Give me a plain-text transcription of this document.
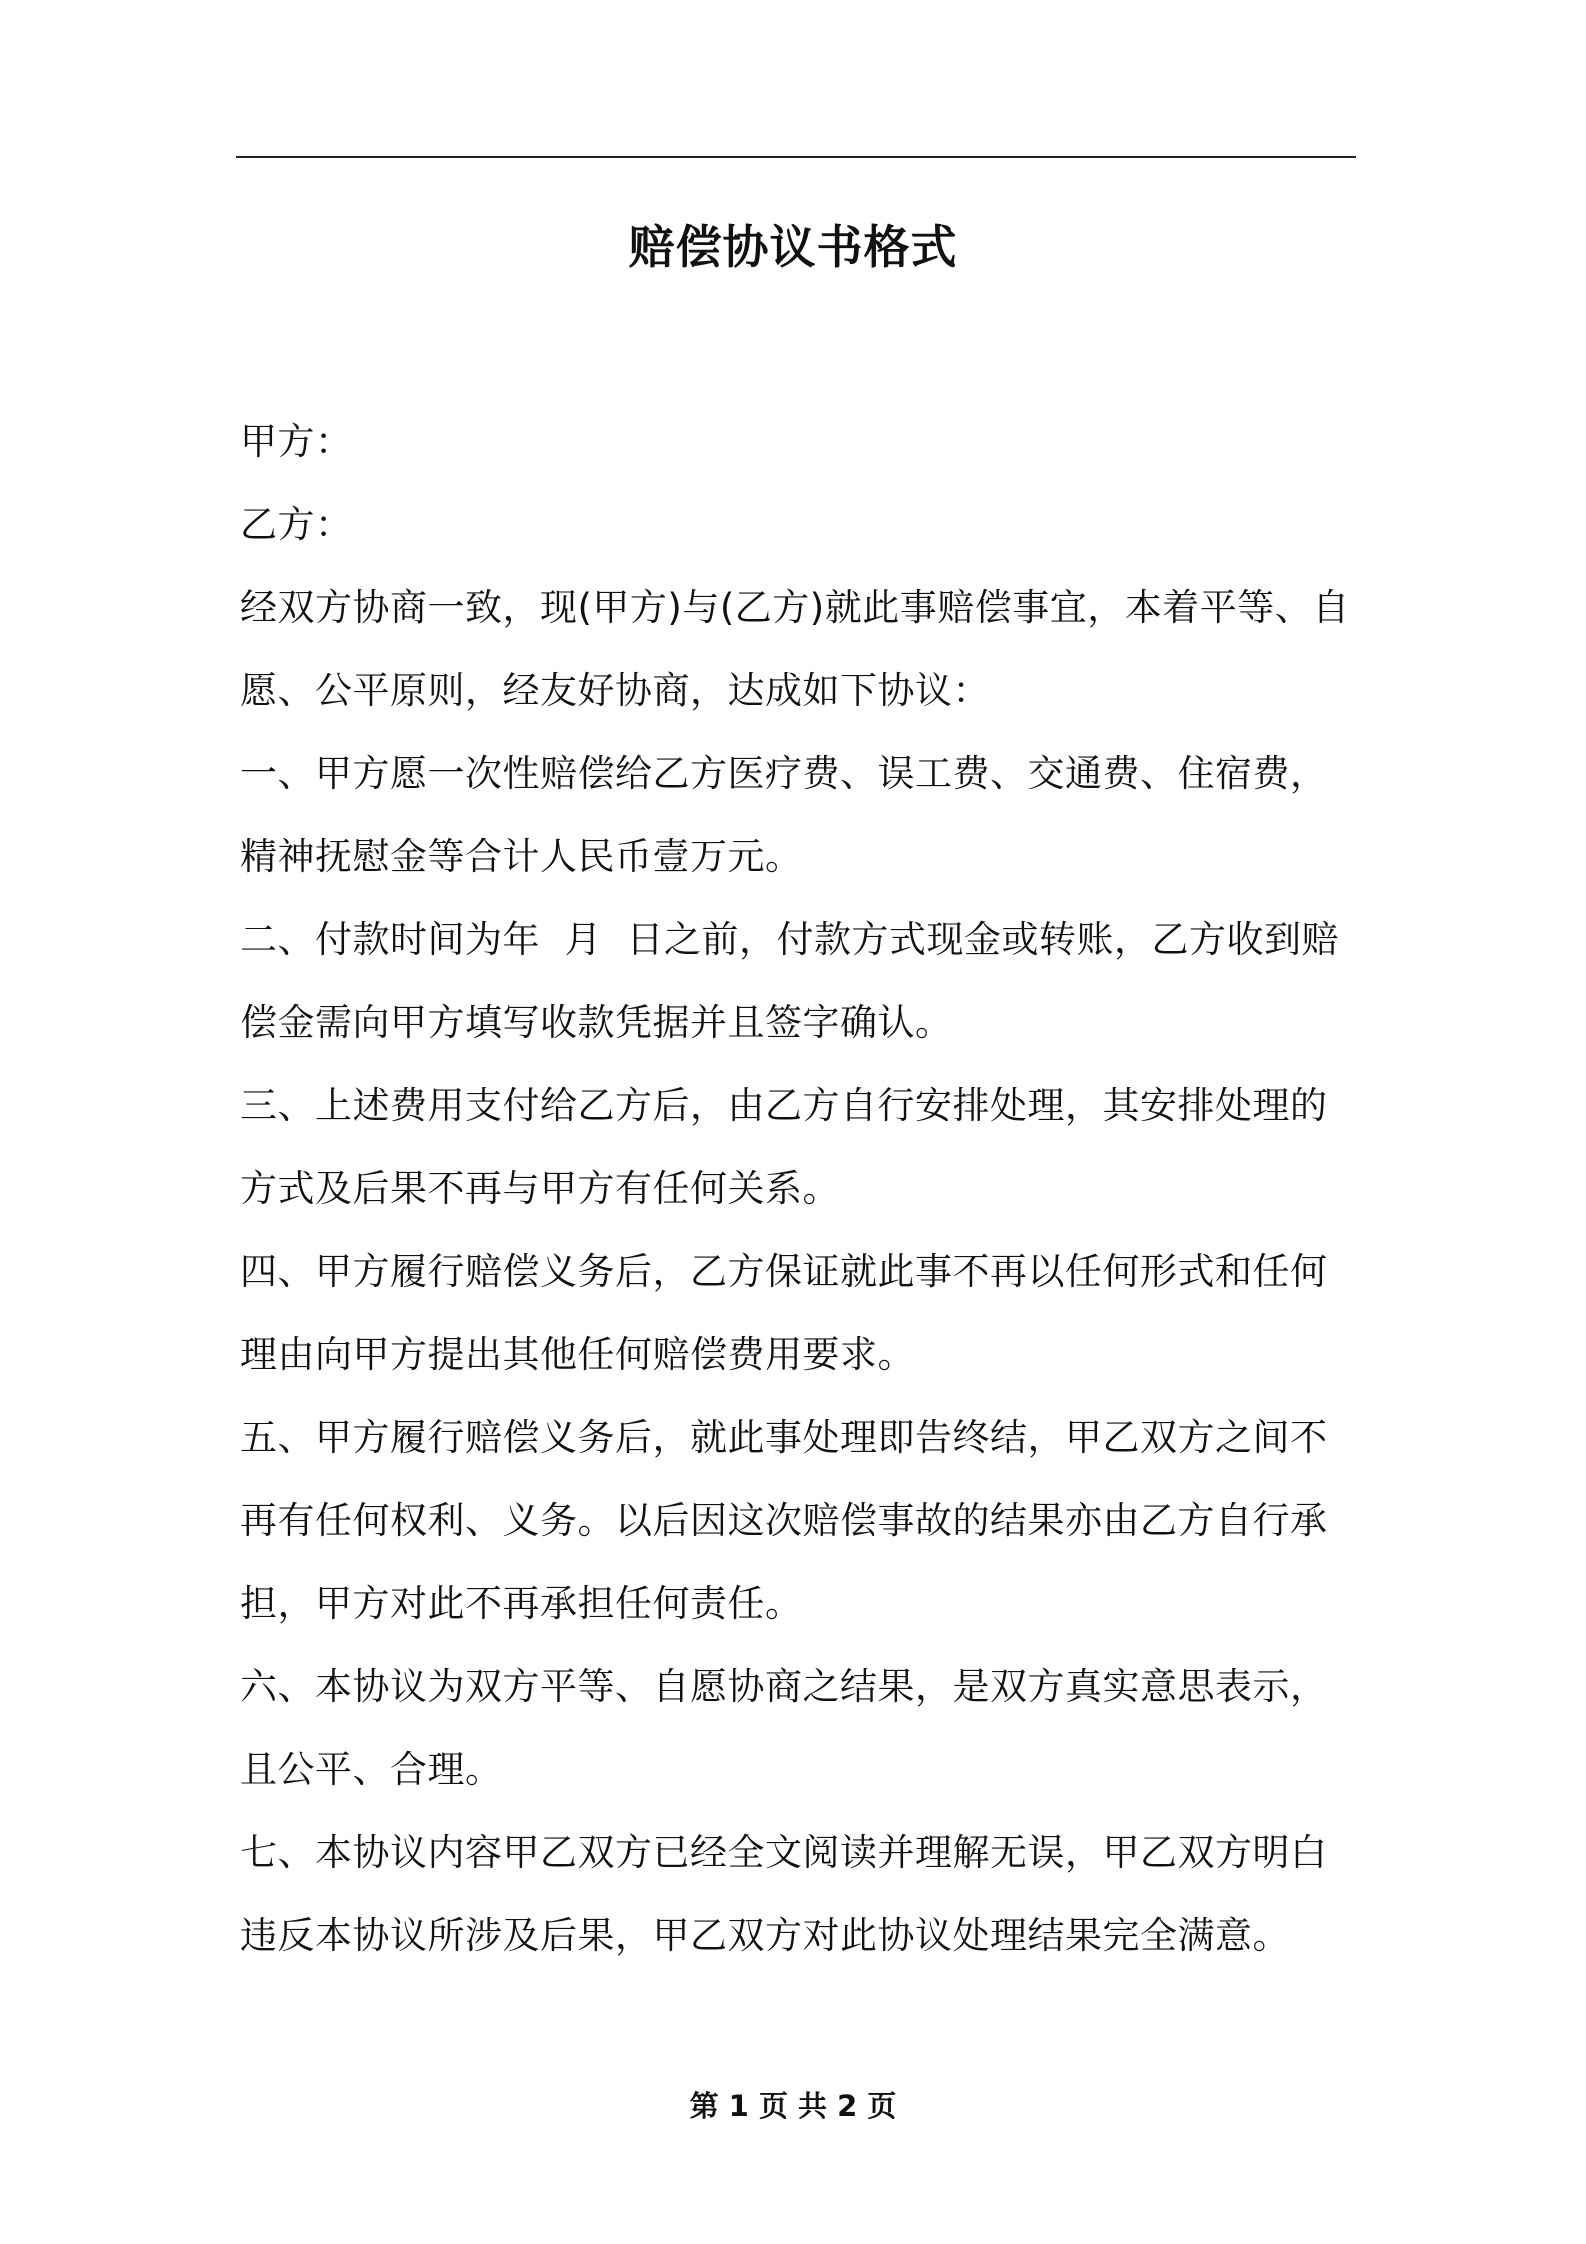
赔偿协议书格式

甲方：

乙方：

经双方协商一致，现(甲方)与(乙方)就此事赔偿事宜，本着平等、自愿、公平原则，经友好协商，达成如下协议：

一、甲方愿一次性赔偿给乙方医疗费、误工费、交通费、住宿费，精神抚慰金等合计人民币壹万元。

二、付款时间为年  月  日之前，付款方式现金或转账，乙方收到赔偿金需向甲方填写收款凭据并且签字确认。

三、上述费用支付给乙方后，由乙方自行安排处理，其安排处理的方式及后果不再与甲方有任何关系。

四、甲方履行赔偿义务后，乙方保证就此事不再以任何形式和任何理由向甲方提出其他任何赔偿费用要求。

五、甲方履行赔偿义务后，就此事处理即告终结，甲乙双方之间不再有任何权利、义务。以后因这次赔偿事故的结果亦由乙方自行承担，甲方对此不再承担任何责任。

六、本协议为双方平等、自愿协商之结果，是双方真实意思表示，且公平、合理。

七、本协议内容甲乙双方已经全文阅读并理解无误，甲乙双方明白违反本协议所涉及后果，甲乙双方对此协议处理结果完全满意。

第 1 页 共 2 页
